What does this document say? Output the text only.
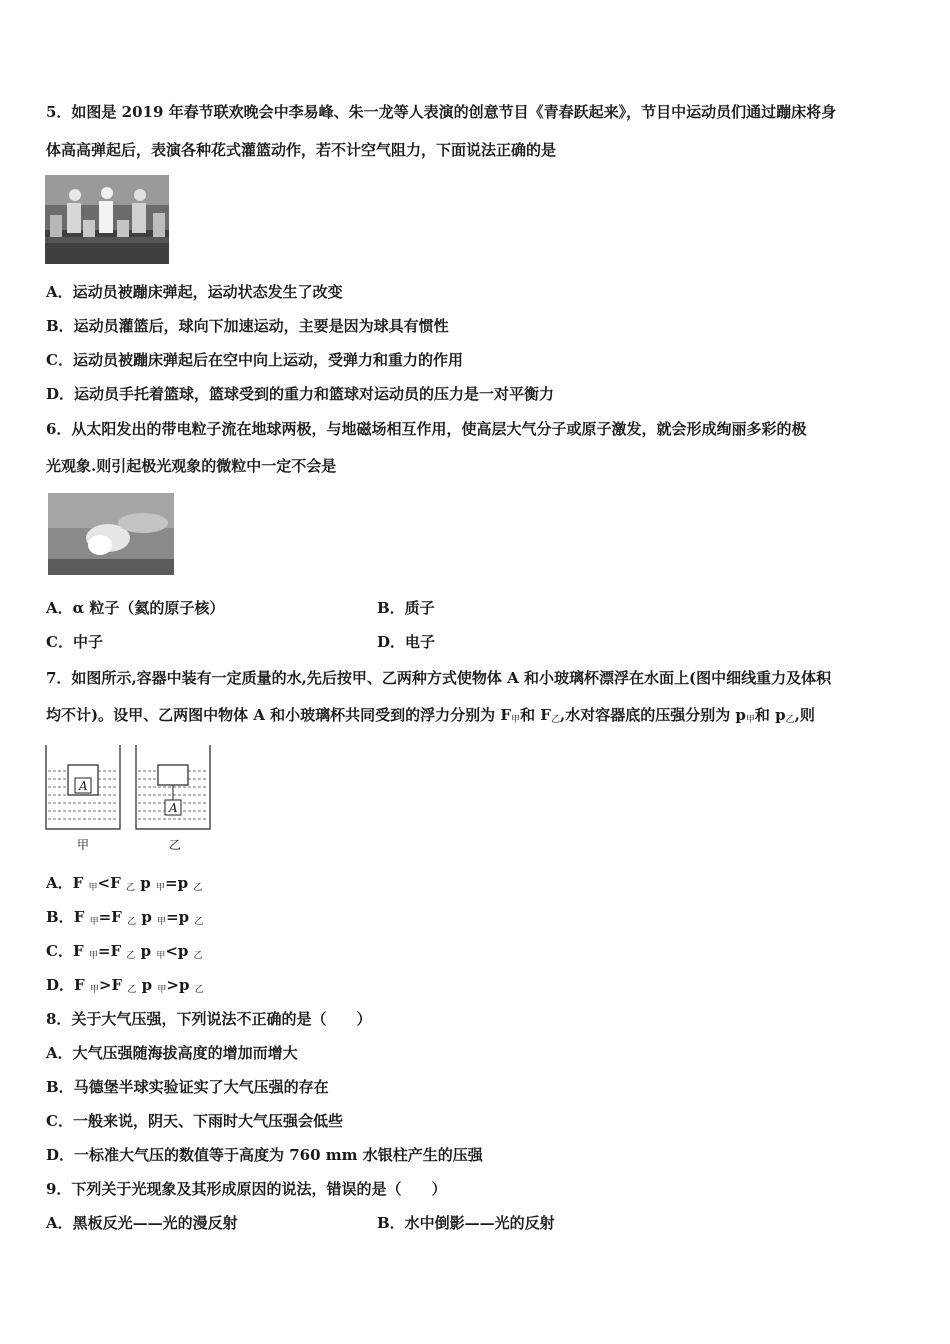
5．如图是 2019 年春节联欢晚会中李易峰、朱一龙等人表演的创意节目《青春跃起来》，节目中运动员们通过蹦床将身
体高高弹起后，表演各种花式灌篮动作，若不计空气阻力，下面说法正确的是
A．运动员被蹦床弹起，运动状态发生了改变
B．运动员灌篮后，球向下加速运动，主要是因为球具有惯性
C．运动员被蹦床弹起后在空中向上运动，受弹力和重力的作用
D．运动员手托着篮球，篮球受到的重力和篮球对运动员的压力是一对平衡力
6．从太阳发出的带电粒子流在地球两极，与地磁场相互作用，使高层大气分子或原子激发，就会形成绚丽多彩的极
光观象.则引起极光观象的微粒中一定不会是
A．α 粒子（氦的原子核）	B．质子
C．中子	D．电子
7．如图所示,容器中装有一定质量的水,先后按甲、乙两种方式使物体 A 和小玻璃杯漂浮在水面上(图中细线重力及体积
均不计)。设甲、乙两图中物体 A 和小玻璃杯共同受到的浮力分别为 $F_甲$和 $F_乙$,水对容器底的压强分别为 $p_甲$和 $p_乙$,则
A
A
甲	乙
A．F $_甲$<F $_乙$ p $_甲$=p $_乙$
B．F $_甲$=F $_乙$ p $_甲$=p $_乙$
C．F $_甲$=F $_乙$ p $_甲$<p $_乙$
D．F $_甲$>F $_乙$ p $_甲$>p $_乙$
8．关于大气压强，下列说法不正确的是（　　）
A．大气压强随海拔高度的增加而增大
B．马德堡半球实验证实了大气压强的存在
C．一般来说，阴天、下雨时大气压强会低些
D．一标准大气压的数值等于高度为 760 mm 水银柱产生的压强
9．下列关于光现象及其形成原因的说法，错误的是（　　）
A．黑板反光——光的漫反射	B．水中倒影——光的反射
